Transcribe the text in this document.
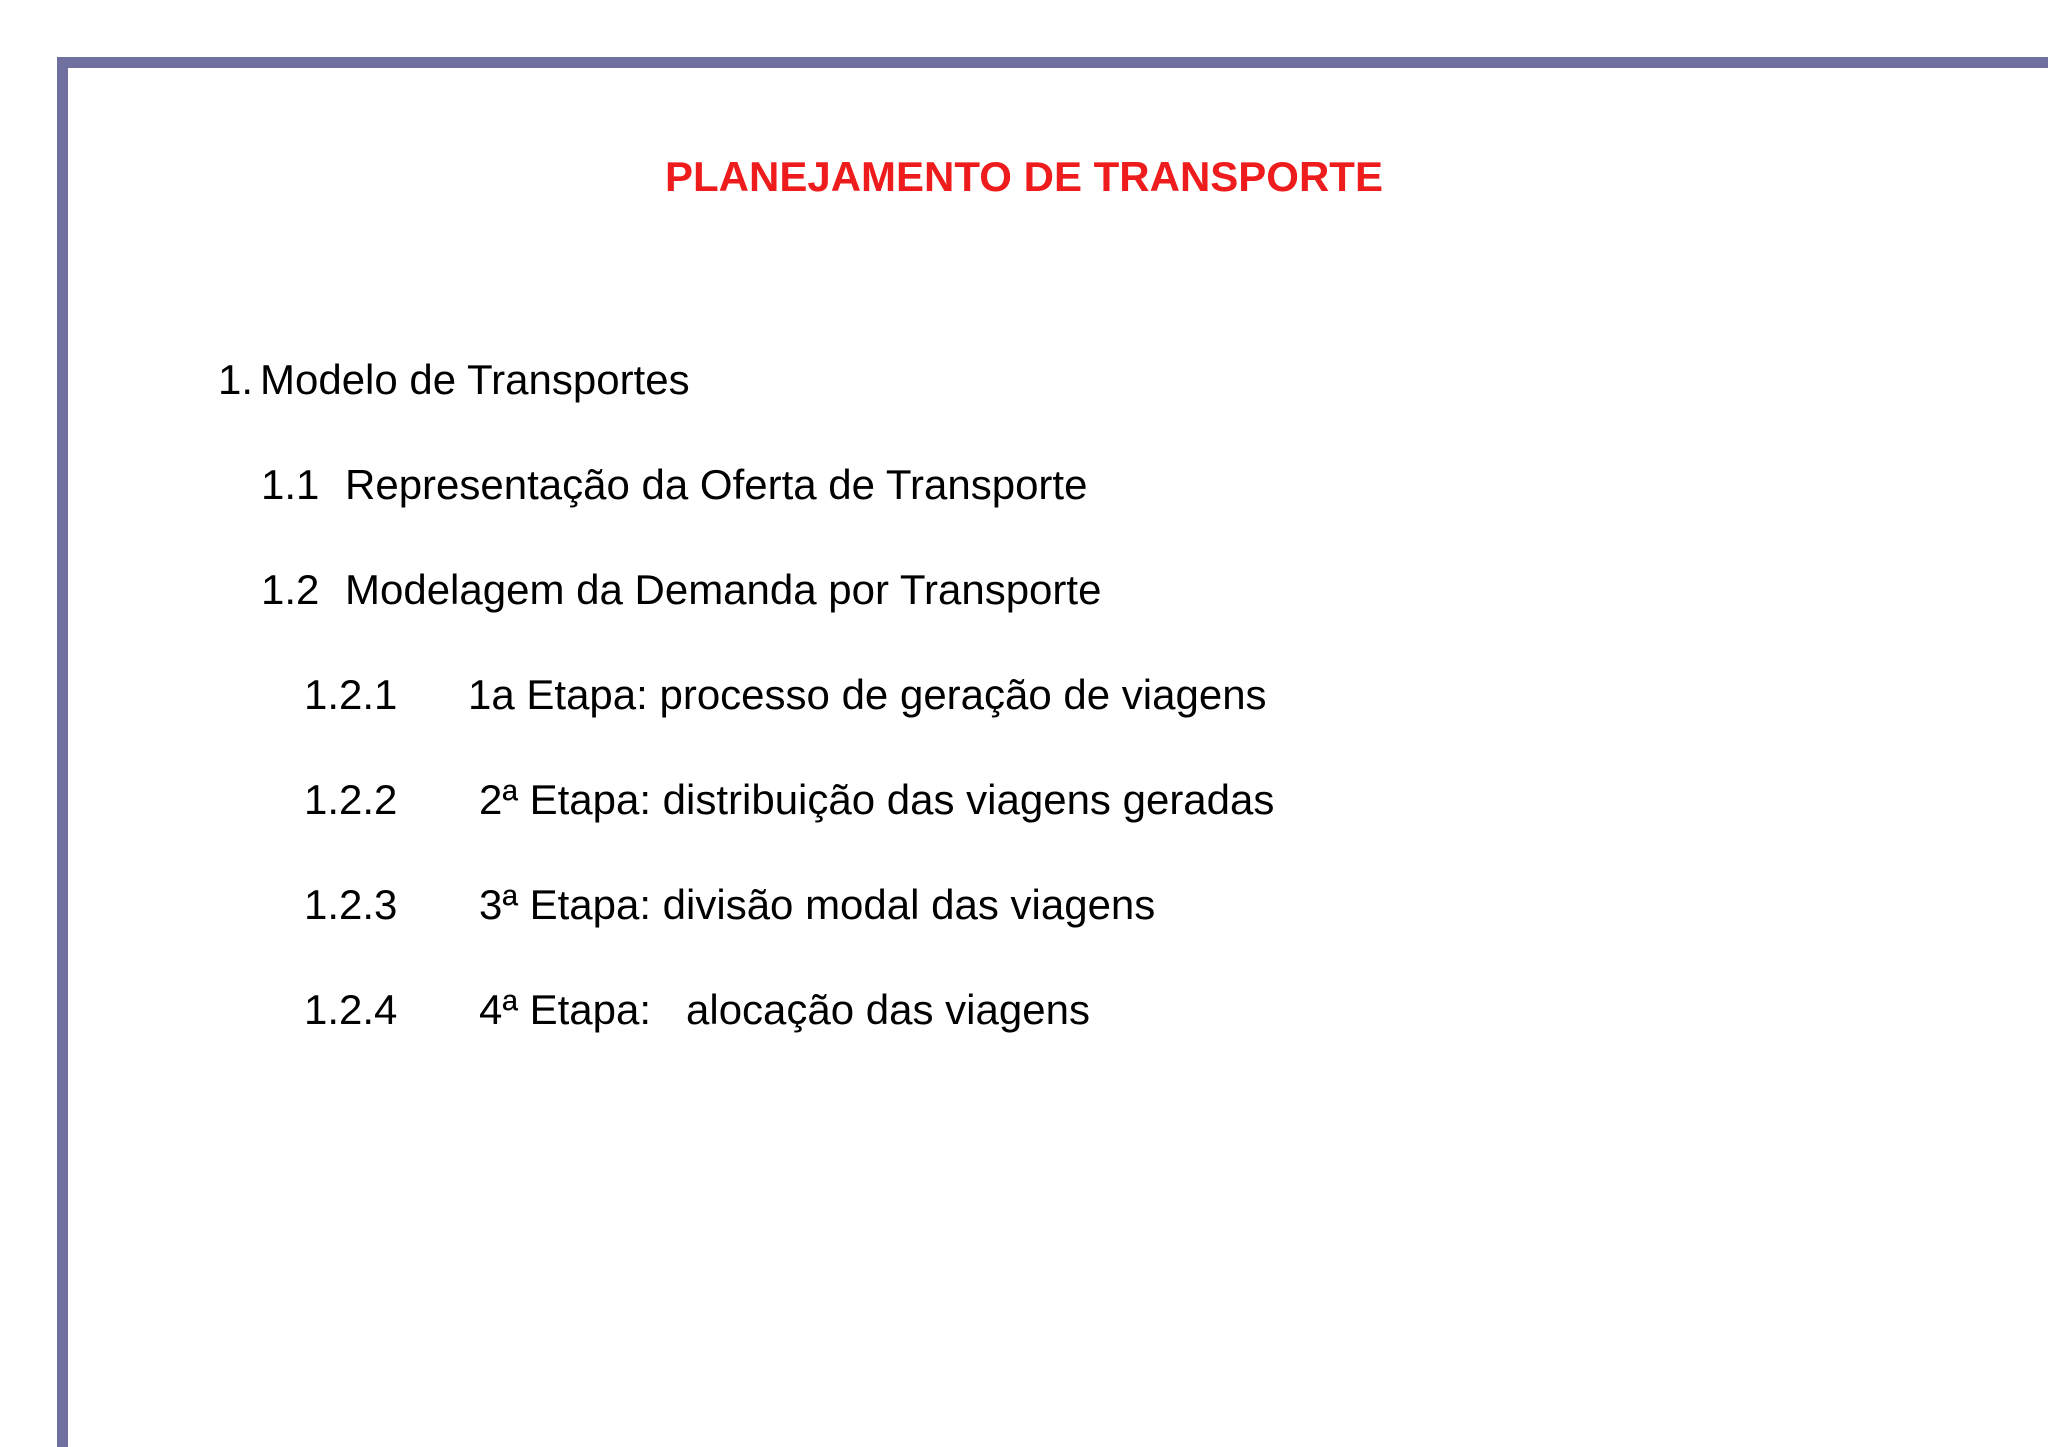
PLANEJAMENTO DE TRANSPORTE

1.

Modelo de Transportes

1.1

Representação da Oferta de Transporte

1.2

Modelagem da Demanda por Transporte

1.2.1

1a Etapa: processo de geração de viagens

1.2.2

2ª Etapa: distribuição das viagens geradas

1.2.3

3ª Etapa: divisão modal das viagens

1.2.4

4ª Etapa:   alocação das viagens
